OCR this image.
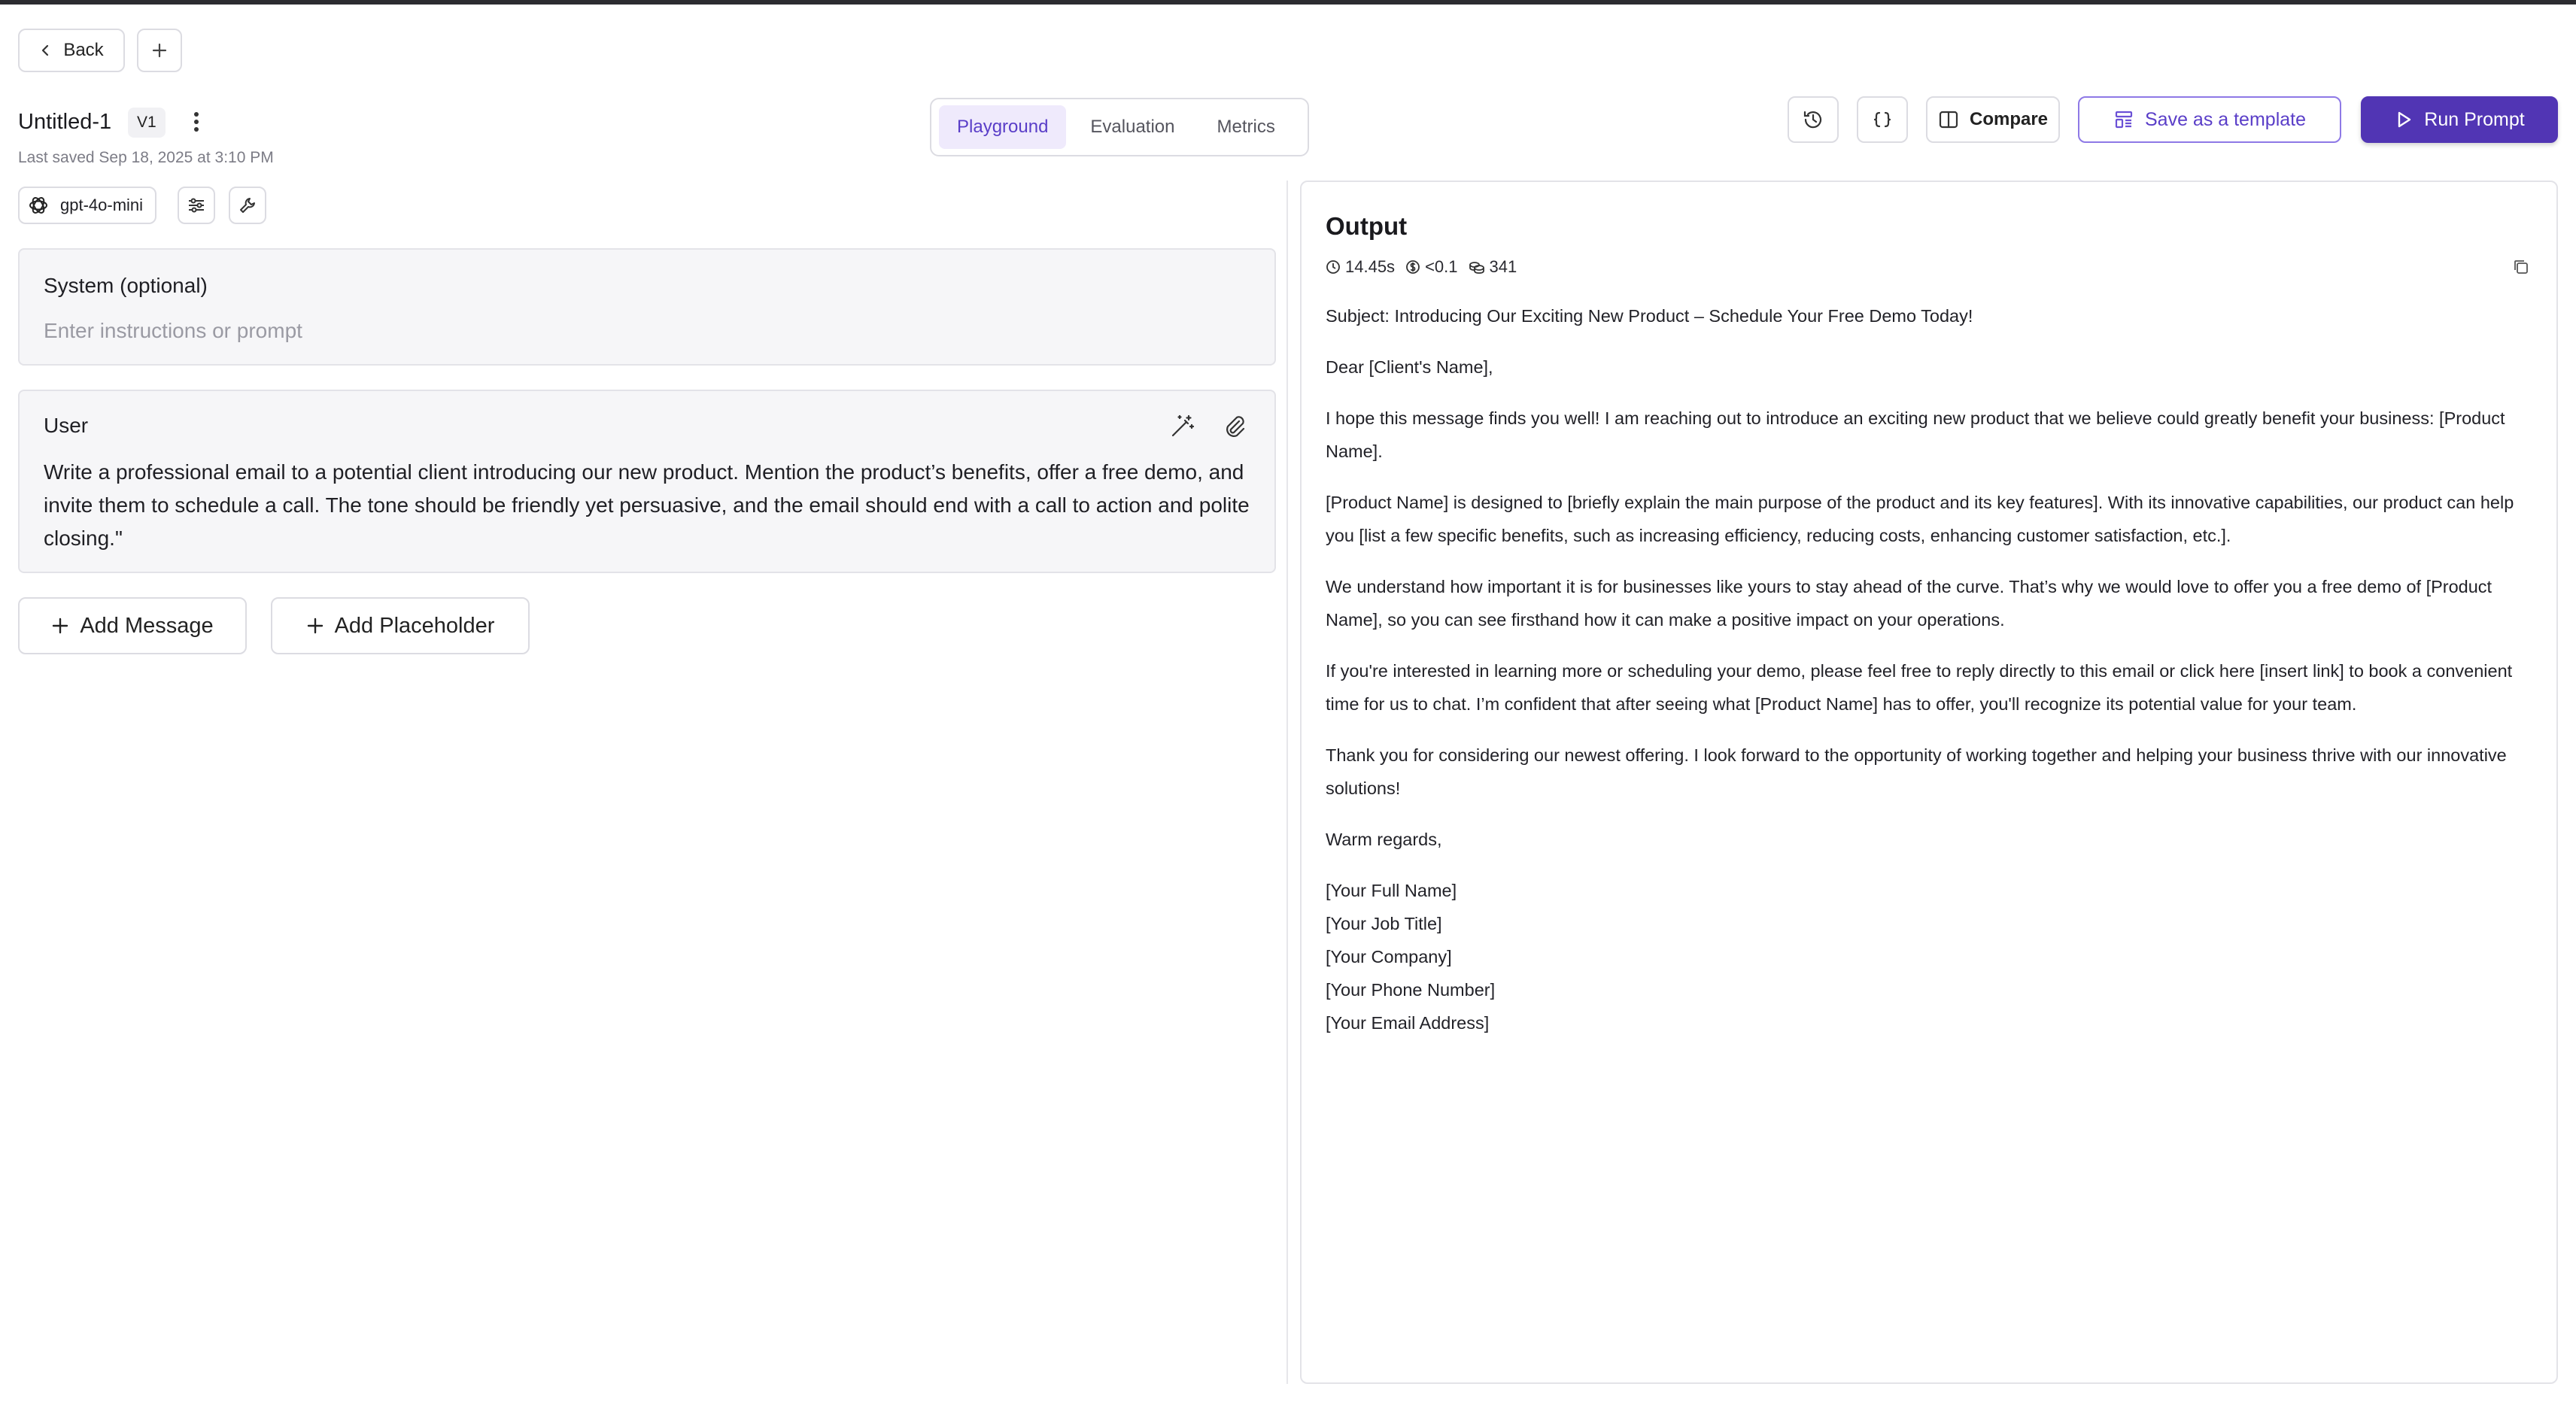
Back
Untitled-1	V1
Last saved Sep 18, 2025 at 3:10 PM
gpt-4o-mini
Playground	Evaluation	Metrics	Compare	Save as a template	Run Prompt
System (optional)
Enter instructions or prompt
User
Write a professional email to a potential client introducing our new product. Mention the product’s benefits, offer a free demo, and invite them to schedule a call. The tone should be friendly yet persuasive, and the email should end with a call to action and polite closing."
Add Message	Add Placeholder
Output
14.45s <0.1 341

Subject: Introducing Our Exciting New Product – Schedule Your Free Demo Today!

Dear [Client's Name],

I hope this message finds you well! I am reaching out to introduce an exciting new product that we believe could greatly benefit your business: [Product Name].

[Product Name] is designed to [briefly explain the main purpose of the product and its key features]. With its innovative capabilities, our product can help you [list a few specific benefits, such as increasing efficiency, reducing costs, enhancing customer satisfaction, etc.].

We understand how important it is for businesses like yours to stay ahead of the curve. That’s why we would love to offer you a free demo of [Product Name], so you can see firsthand how it can make a positive impact on your operations.

If you're interested in learning more or scheduling your demo, please feel free to reply directly to this email or click here [insert link] to book a convenient time for us to chat. I’m confident that after seeing what [Product Name] has to offer, you'll recognize its potential value for your team.

Thank you for considering our newest offering. I look forward to the opportunity of working together and helping your business thrive with our innovative solutions!

Warm regards,

[Your Full Name]
[Your Job Title]
[Your Company]
[Your Phone Number]
[Your Email Address]
